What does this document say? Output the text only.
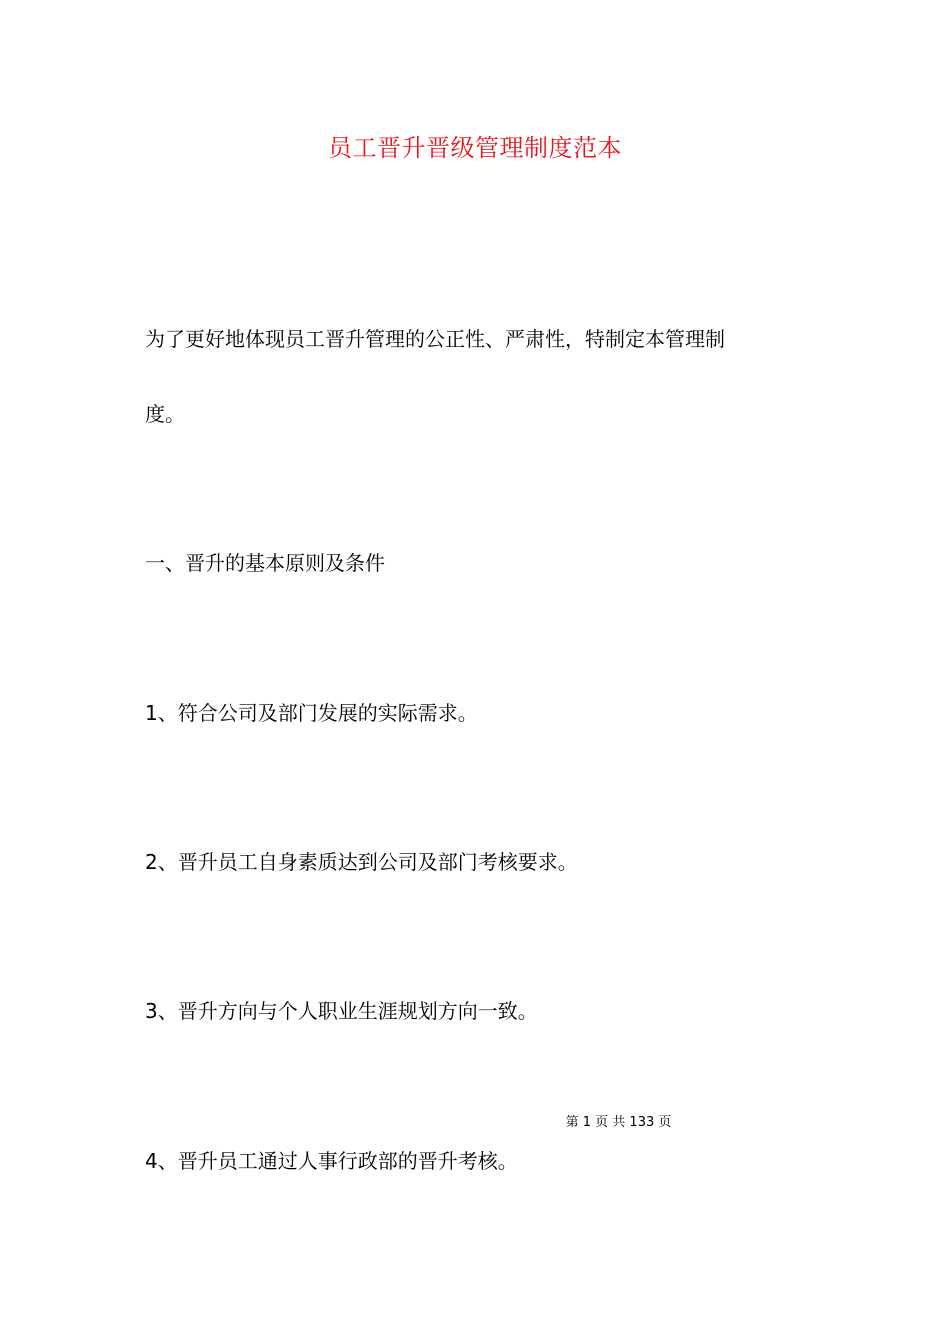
员工晋升晋级管理制度范本
为了更好地体现员工晋升管理的公正性、严肃性，特制定本管理制
度。
一、晋升的基本原则及条件
1、符合公司及部门发展的实际需求。
2、晋升员工自身素质达到公司及部门考核要求。
3、晋升方向与个人职业生涯规划方向一致。
第 1 页 共 133 页
4、晋升员工通过人事行政部的晋升考核。
